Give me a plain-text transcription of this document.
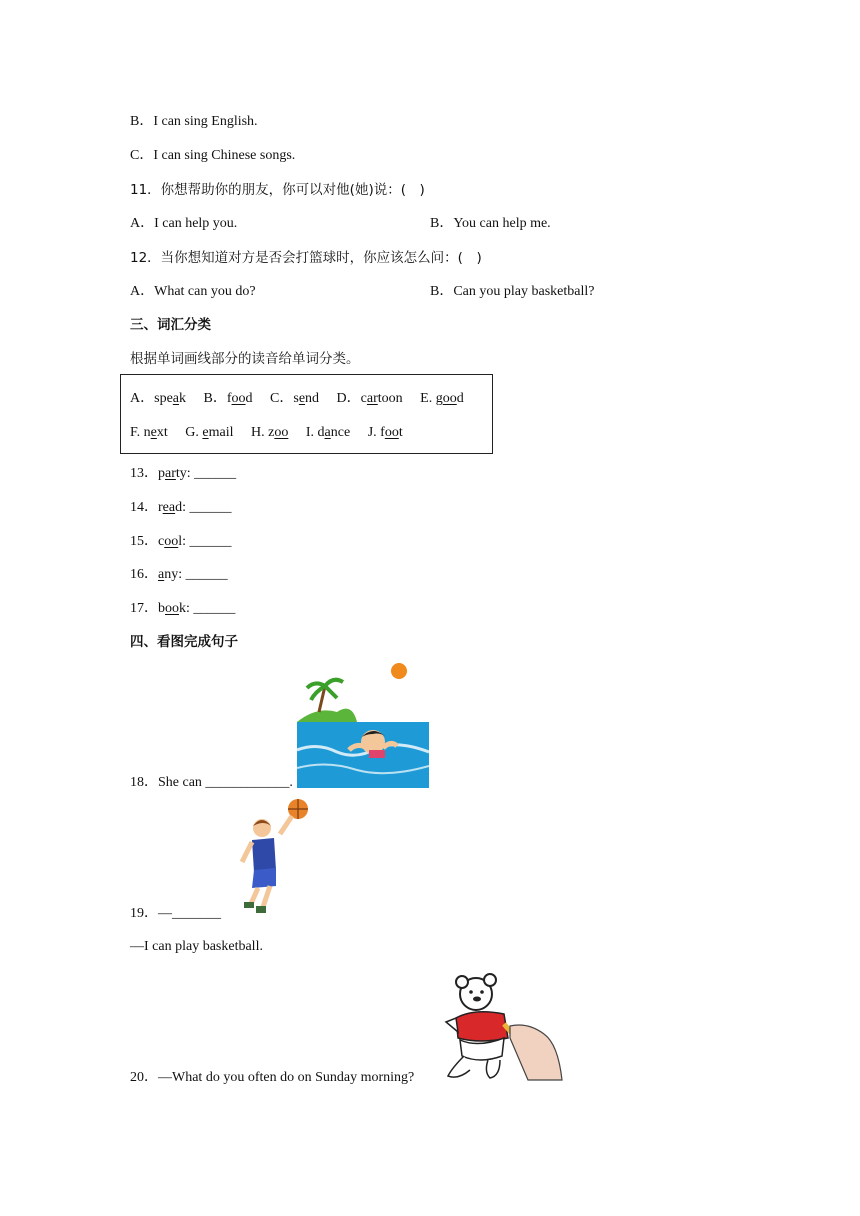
B．I can sing English.
C．I can sing Chinese songs.
11．你想帮助你的朋友，你可以对他(她)说：(　)
A．I can help you.	B．You can help me.
12．当你想知道对方是否会打篮球时，你应该怎么问：(　)
A．What can you do?	B．Can you play basketball?
三、词汇分类
根据单词画线部分的读音给单词分类。
A．speak B．food C．send D．cartoon E. good
F. next G. email H. zoo I. dance J. foot
13．party: ______
14．read: ______
15．cool: ______
16．any: ______
17．book: ______
四、看图完成句子
18．She can ____________.
19．—_______
—I can play basketball.
20．—What do you often do on Sunday morning?
